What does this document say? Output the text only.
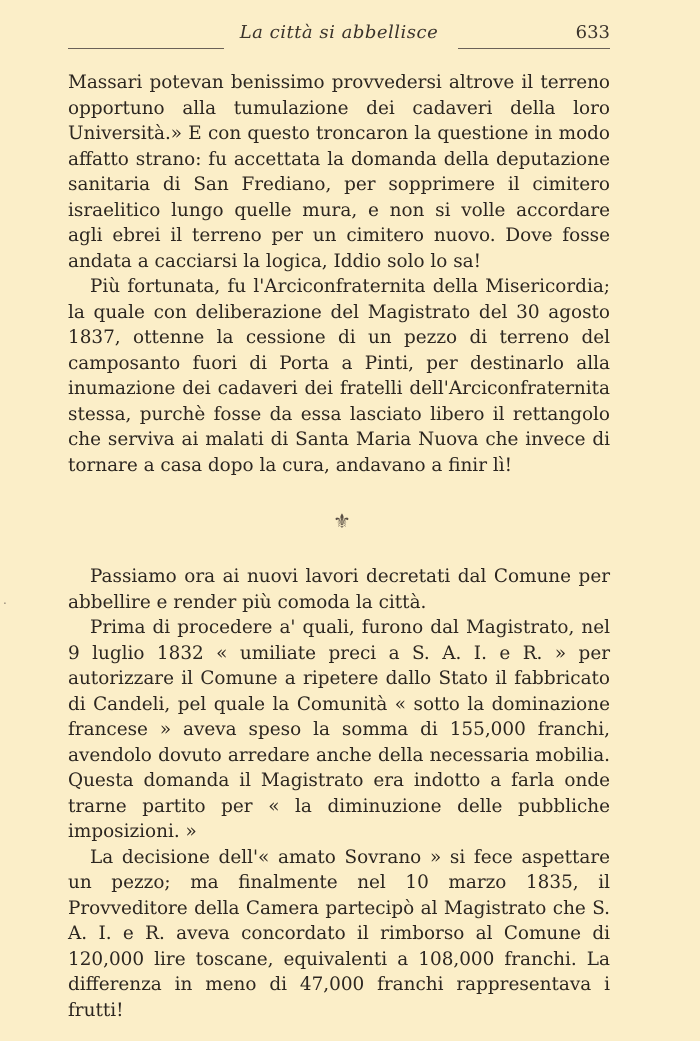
La città si abbellisce	633

Massari potevan benissimo provvedersi altrove il terreno opportuno alla tumulazione dei cadaveri della loro Università.» E con questo troncaron la questione in modo affatto strano: fu accettata la domanda della deputazione sanitaria di San Frediano, per sopprimere il cimitero israelitico lungo quelle mura, e non si volle accordare agli ebrei il terreno per un cimitero nuovo. Dove fosse andata a cacciarsi la logica, Iddio solo lo sa!

Più fortunata, fu l'Arciconfraternita della Misericordia; la quale con deliberazione del Magistrato del 30 agosto 1837, ottenne la cessione di un pezzo di terreno del camposanto fuori di Porta a Pinti, per destinarlo alla inumazione dei cadaveri dei fratelli dell'Arciconfraternita stessa, purchè fosse da essa lasciato libero il rettangolo che serviva ai malati di Santa Maria Nuova che invece di tornare a casa dopo la cura, andavano a finir lì!

⚜
.

Passiamo ora ai nuovi lavori decretati dal Comune per abbellire e render più comoda la città.

Prima di procedere a' quali, furono dal Magistrato, nel 9 luglio 1832 « umiliate preci a S. A. I. e R. » per autorizzare il Comune a ripetere dallo Stato il fabbricato di Candeli, pel quale la Comunità « sotto la dominazione francese » aveva speso la somma di 155,000 franchi, avendolo dovuto arredare anche della necessaria mobilia. Questa domanda il Magistrato era indotto a farla onde trarne partito per « la diminuzione delle pubbliche imposizioni. »

La decisione dell'« amato Sovrano » si fece aspettare un pezzo; ma finalmente nel 10 marzo 1835, il Provveditore della Camera partecipò al Magistrato che S. A. I. e R. aveva concordato il rimborso al Comune di 120,000 lire toscane, equivalenti a 108,000 franchi. La differenza in meno di 47,000 franchi rappresentava i frutti!
